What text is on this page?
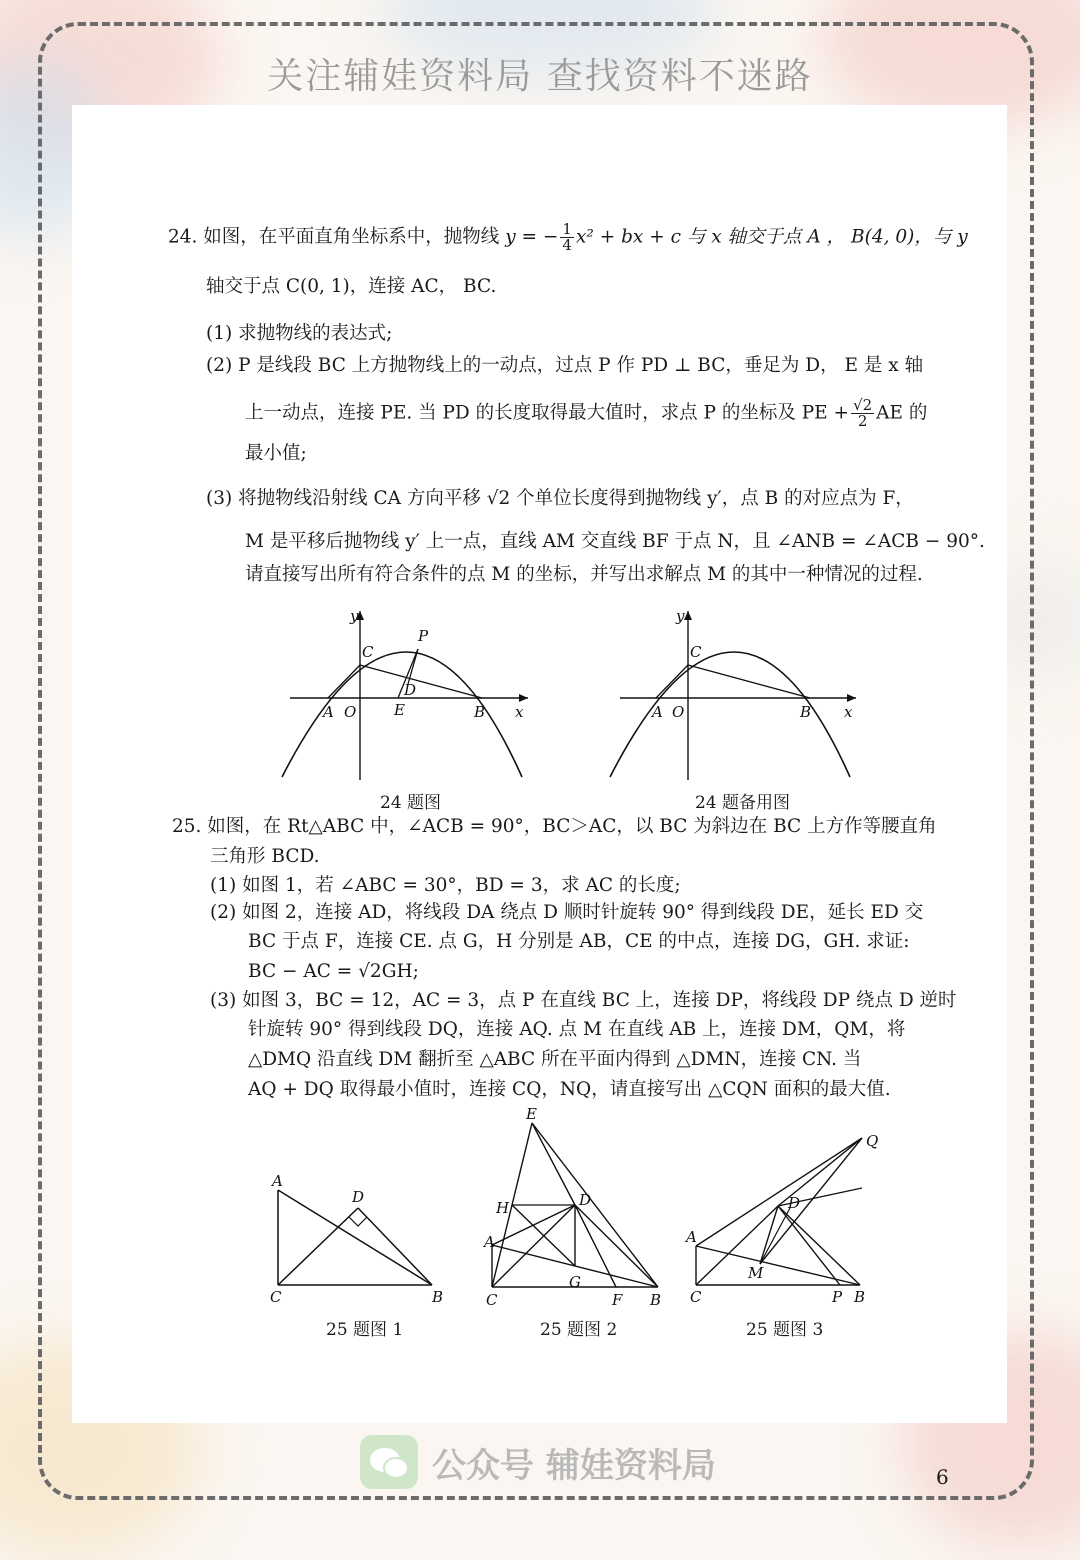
关注辅娃资料局 查找资料不迷路
24. 如图，在平面直角坐标系中，抛物线 y = − $\frac{1}{4} x^2$ + bx + c 与 x 轴交于点 A ， B(4, 0)，与 y
轴交于点 C(0, 1)，连接 AC， BC.
(1) 求抛物线的表达式;
(2) P 是线段 BC 上方抛物线上的一动点，过点 P 作 PD ⊥ BC，垂足为 D， E 是 x 轴
上一动点，连接 PE. 当 PD 的长度取得最大值时，求点 P 的坐标及 PE + $\frac{√2}{2}$ AE 的
最小值;
(3) 将抛物线沿射线 CA 方向平移 √2 个单位长度得到抛物线 y′，点 B 的对应点为 F，
M 是平移后抛物线 y′ 上一点，直线 AM 交直线 BF 于点 N，且 ∠ANB = ∠ACB − 90°.
请直接写出所有符合条件的点 M 的坐标，并写出求解点 M 的其中一种情况的过程.
y
C
P
D
A O	E	B x
24 题图
y
C
A O	B x
24 题备用图
25. 如图，在 Rt△ABC 中，∠ACB = 90°，BC＞AC，以 BC 为斜边在 BC 上方作等腰直角
三角形 BCD.
(1) 如图 1，若 ∠ABC = 30°，BD = 3，求 AC 的长度;
(2) 如图 2，连接 AD，将线段 DA 绕点 D 顺时针旋转 90° 得到线段 DE，延长 ED 交
BC 于点 F，连接 CE. 点 G，H 分别是 AB，CE 的中点，连接 DG，GH. 求证:
BC − AC = √2GH;
(3) 如图 3，BC = 12，AC = 3，点 P 在直线 BC 上，连接 DP，将线段 DP 绕点 D 逆时
针旋转 90° 得到线段 DQ，连接 AQ. 点 M 在直线 AB 上，连接 DM，QM，将
△DMQ 沿直线 DM 翻折至 △ABC 所在平面内得到 △DMN，连接 CN. 当
AQ + DQ 取得最小值时，连接 CQ，NQ，请直接写出 △CQN 面积的最大值.
A
D
C	B
25 题图 1
E
H	D
A
G
C	F B
25 题图 2
Q
D
A
M
C	P B
25 题图 3
公众号 辅娃资料局	6
